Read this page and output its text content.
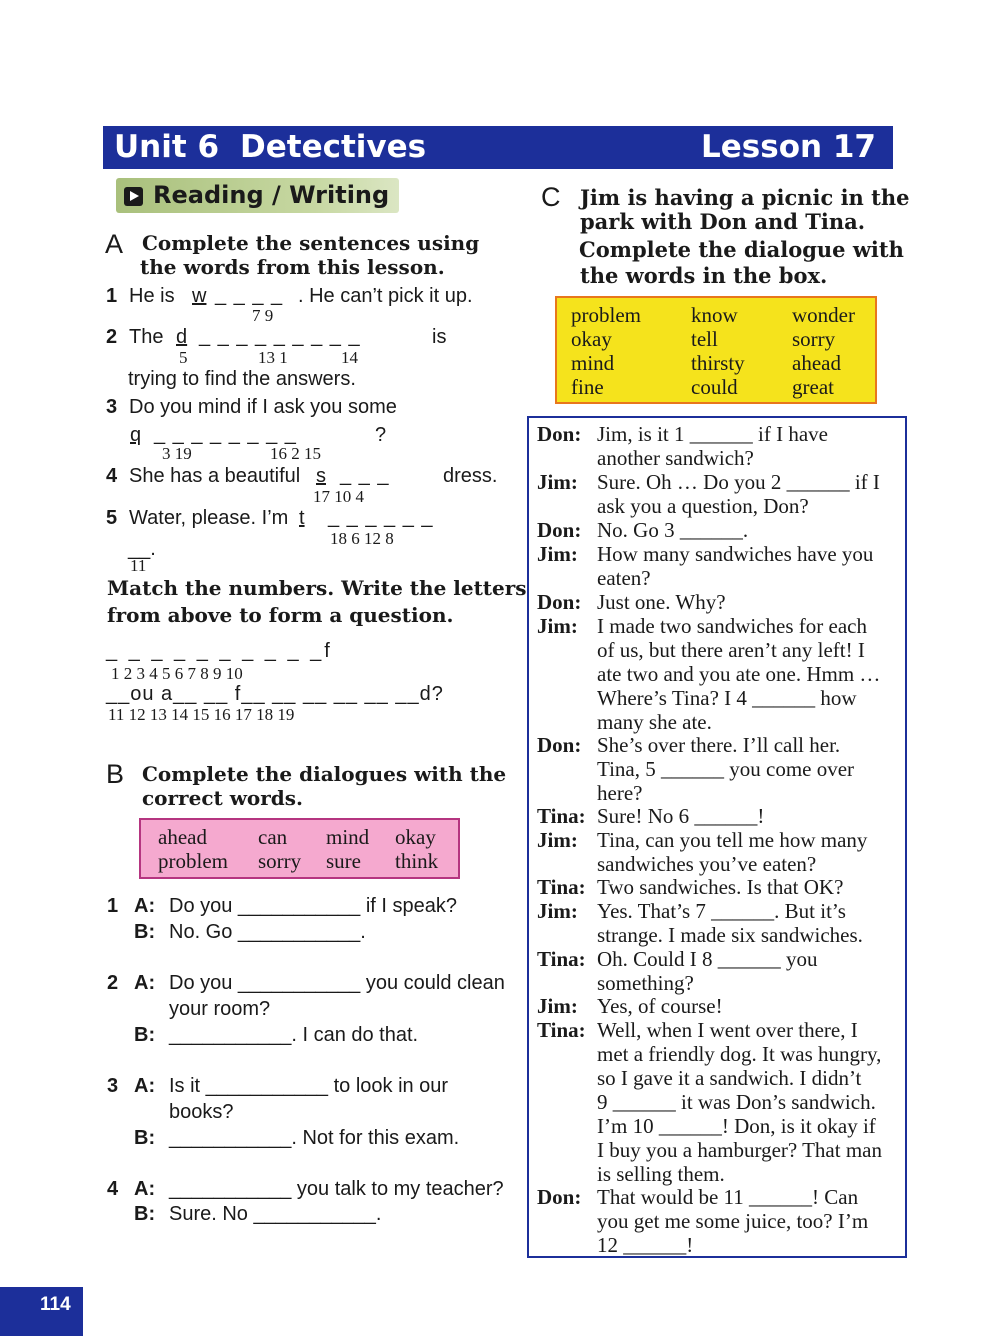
Unit 6 Detectives	Lesson 17
Reading / Writing
A Complete the sentences using
the words from this lesson.
1 He is w _ _ _ _ . He can’t pick it up.
7 9
2 The d _ _ _ _ _ _ _ _ _	is
5	13 1	14
trying to find the answers.
3 Do you mind if I ask you some
q _ _ _ _ _ _ _ _	?
3 19	16 2 15
4 She has a beautiful s _ _ _	dress.
17 10 4
5 Water, please. I’m t _ _ _ _ _ _
18 6 12 8
__.
11
Match the numbers. Write the letters
from above to form a question.
_ _ _ _ _ _ _ _ _ _f
1 2 3 4 5 6 7 8 9 10
__ou a__ __ f__ __ __ __ __ __d?
11 12 13 14 15 16 17 18 19
B Complete the dialogues with the
correct words.
ahead can mind okay
problem sorry sure think
1 A: Do you ___________ if I speak?
B: No. Go ___________.
2 A: Do you ___________ you could clean
your room?
B: ___________. I can do that.
3 A: Is it ___________ to look in our
books?
B: ___________. Not for this exam.
4 A: ___________ you talk to my teacher?
B: Sure. No ___________.
C Jim is having a picnic in the
park with Don and Tina.
Complete the dialogue with
the words in the box.
problem know	wonder
okay	tell	sorry
mind	thirsty ahead
fine	could	great
Don: Jim, is it 1 ______ if I have
another sandwich?
Jim: Sure. Oh … Do you 2 ______ if I
ask you a question, Don?
Don: No. Go 3 ______.
Jim: How many sandwiches have you
eaten?
Don: Just one. Why?
Jim: I made two sandwiches for each
of us, but there aren’t any left! I
ate two and you ate one. Hmm …
Where’s Tina? I 4 ______ how
many she ate.
Don: She’s over there. I’ll call her.
Tina, 5 ______ you come over
here?
Tina: Sure! No 6 ______!
Jim: Tina, can you tell me how many
sandwiches you’ve eaten?
Tina: Two sandwiches. Is that OK?
Jim: Yes. That’s 7 ______. But it’s
strange. I made six sandwiches.
Tina: Oh. Could I 8 ______ you
something?
Jim: Yes, of course!
Tina: Well, when I went over there, I
met a friendly dog. It was hungry,
so I gave it a sandwich. I didn’t
9 ______ it was Don’s sandwich.
I’m 10 ______! Don, is it okay if
I buy you a hamburger? That man
is selling them.
Don: That would be 11 ______! Can
you get me some juice, too? I’m
12 ______!
114
